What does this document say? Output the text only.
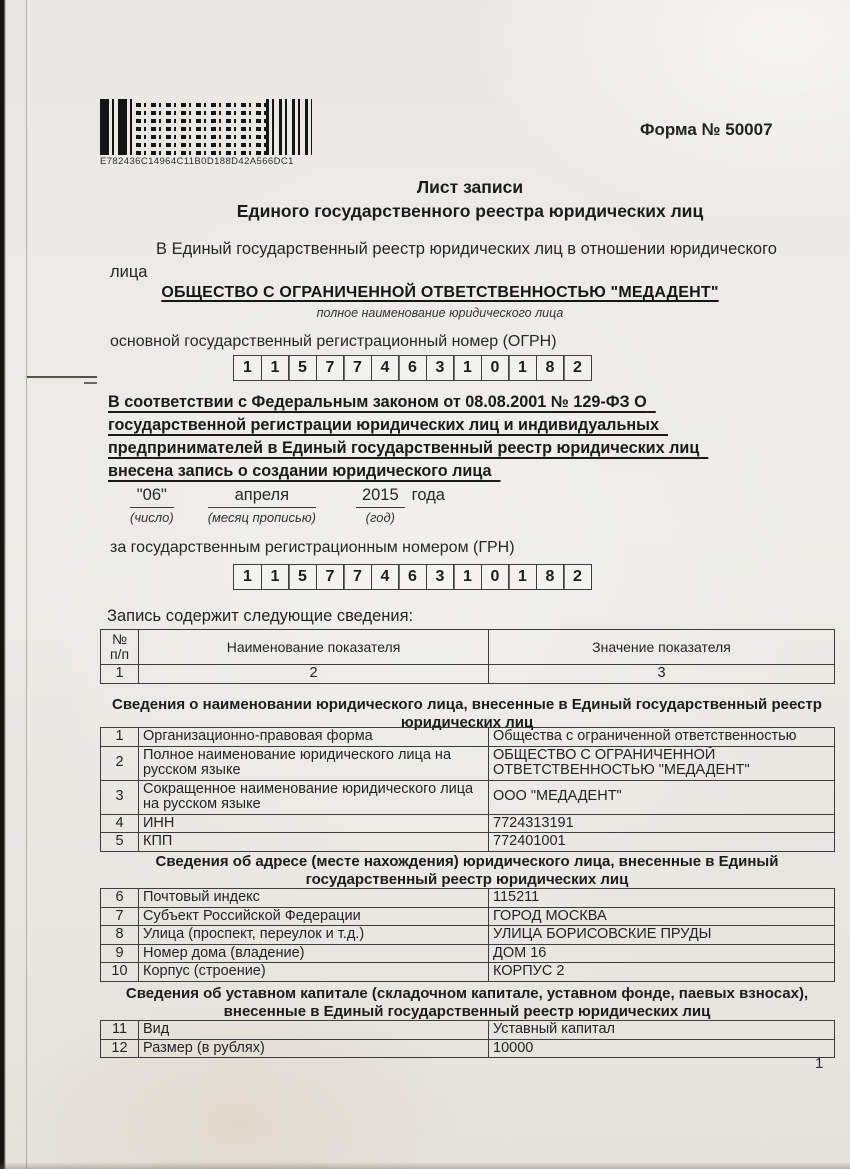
E782436C14964C11B0D188D42A566DC1
Форма № 50007
Лист записи
Единого государственного реестра юридических лиц
В Единый государственный реестр юридических лиц в отношении юридического
лица
ОБЩЕСТВО С ОГРАНИЧЕННОЙ ОТВЕТСТВЕННОСТЬЮ "МЕДАДЕНТ"
полное наименование юридического лица
основной государственный регистрационный номер (ОГРН)
1	1	5	7	7	4	6	3	1	0	1	8	2
В соответствии с Федеральным законом от 08.08.2001 № 129-ФЗ О
государственной регистрации юридических лиц и индивидуальных
предпринимателей в Единый государственный реестр юридических лиц
внесена запись о создании юридического лица
"06"
(число)
апреля
(месяц прописью)
2015
(год)
года
за государственным регистрационным номером (ГРН)
1	1	5	7	7	4	6	3	1	0	1	8	2
Запись содержит следующие сведения:
№
п/п	Наименование показателя	Значение показателя
1	2	3
Сведения о наименовании юридического лица, внесенные в Единый государственный реестр юридических лиц
1	Организационно-правовая форма	Общества с ограниченной ответственностью
2	Полное наименование юридического лица на русском языке	ОБЩЕСТВО С ОГРАНИЧЕННОЙ ОТВЕТСТВЕННОСТЬЮ "МЕДАДЕНТ"
3	Сокращенное наименование юридического лица на русском языке	ООО "МЕДАДЕНТ"
4	ИНН	7724313191
5	КПП	772401001
Сведения об адресе (месте нахождения) юридического лица, внесенные в Единый государственный реестр юридических лиц
6	Почтовый индекс	115211
7	Субъект Российской Федерации	ГОРОД МОСКВА
8	Улица (проспект, переулок и т.д.)	УЛИЦА БОРИСОВСКИЕ ПРУДЫ
9	Номер дома (владение)	ДОМ 16
10	Корпус (строение)	КОРПУС 2
Сведения об уставном капитале (складочном капитале, уставном фонде, паевых взносах), внесенные в Единый государственный реестр юридических лиц
11	Вид	Уставный капитал
12	Размер (в рублях)	10000
1
